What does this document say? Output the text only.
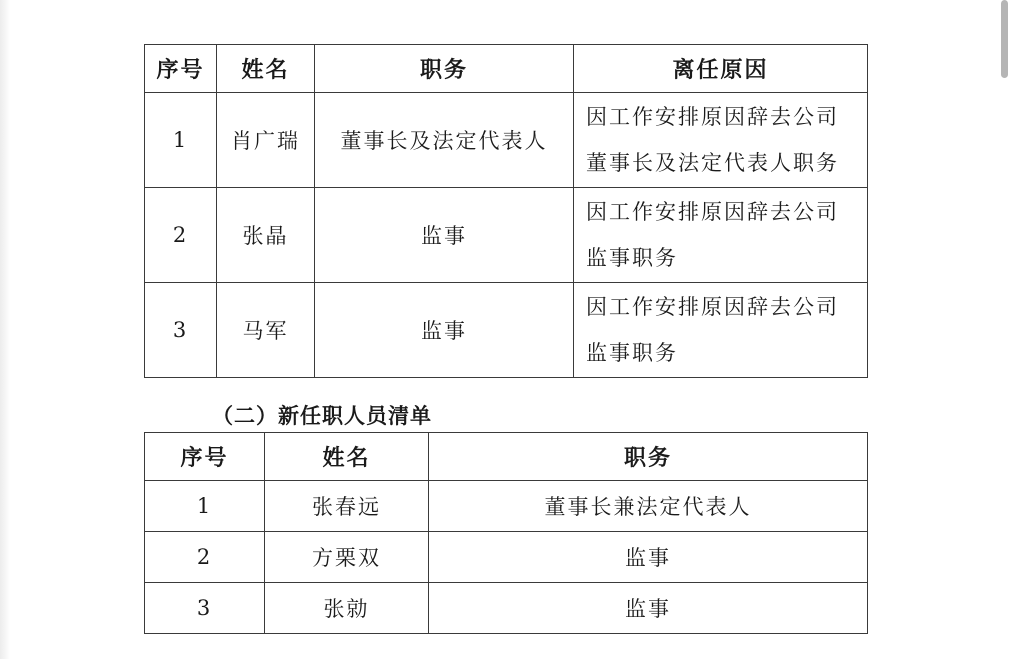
序号	姓名	职务	离任原因
1	肖广瑞	董事长及法定代表人	因工作安排原因辞去公司
董事长及法定代表人职务

2	张晶	监事	因工作安排原因辞去公司
监事职务

3	马军	监事	因工作安排原因辞去公司
监事职务
（二）新任职人员清单
序号	姓名	职务
1	张春远	董事长兼法定代表人
2	方栗双	监事
3	张勍	监事
